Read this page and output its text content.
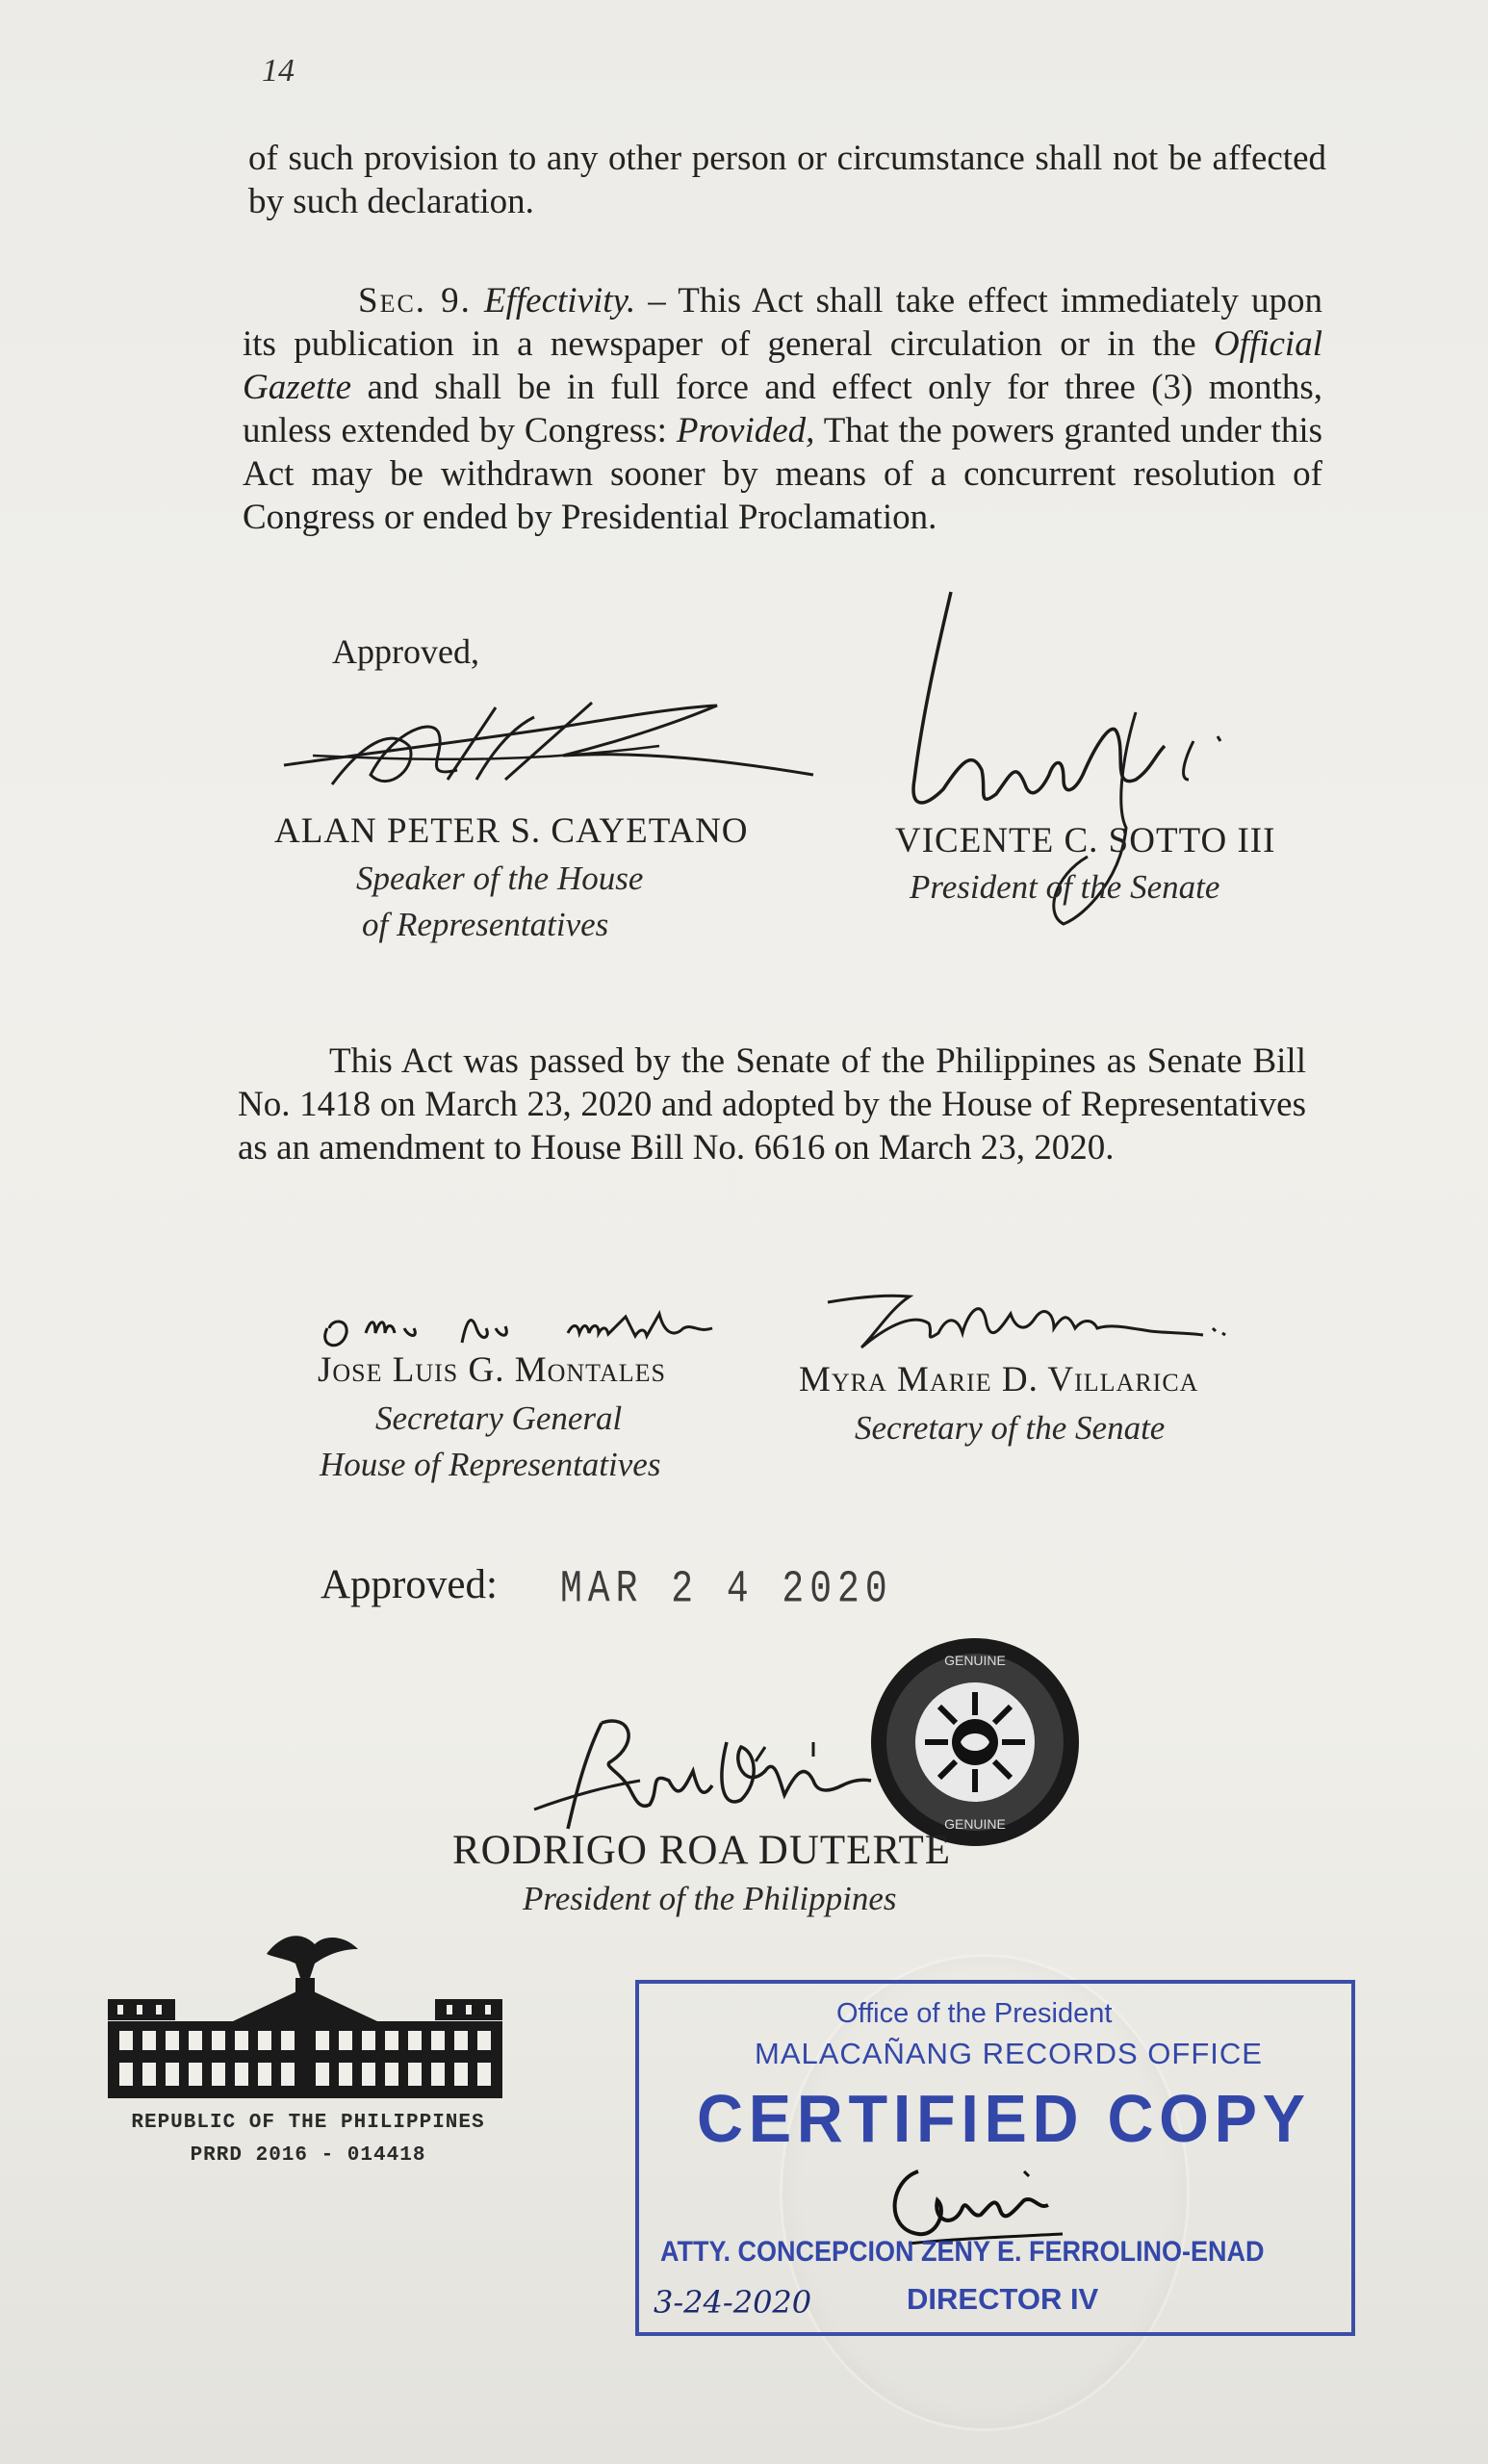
14
of such provision to any other person or circumstance shall not be affected by such declaration.
Sec. 9. Effectivity. – This Act shall take effect immediately upon its publication in a newspaper of general circulation or in the Official Gazette and shall be in full force and effect only for three (3) months, unless extended by Congress: Provided, That the powers granted under this Act may be withdrawn sooner by means of a concurrent resolution of Congress or ended by Presidential Proclamation.
Approved,
ALAN PETER S. CAYETANO
Speaker of the House
of Representatives
VICENTE C. SOTTO III
President of the Senate
This Act was passed by the Senate of the Philippines as Senate Bill No. 1418 on March 23, 2020 and adopted by the House of Representatives as an amendment to House Bill No. 6616 on March 23, 2020.
Jose Luis G. Montales
Secretary General
House of Representatives
Myra Marie D. Villarica
Secretary of the Senate
Approved: MAR 2 4 2020
GENUINE
GENUINE
RODRIGO ROA DUTERTE
President of the Philippines
REPUBLIC OF THE PHILIPPINES
PRRD 2016 - 014418
Office of the President
MALACAÑANG RECORDS OFFICE
CERTIFIED COPY
ATTY. CONCEPCION ZENY E. FERROLINO-ENAD
3-24-2020	DIRECTOR IV
